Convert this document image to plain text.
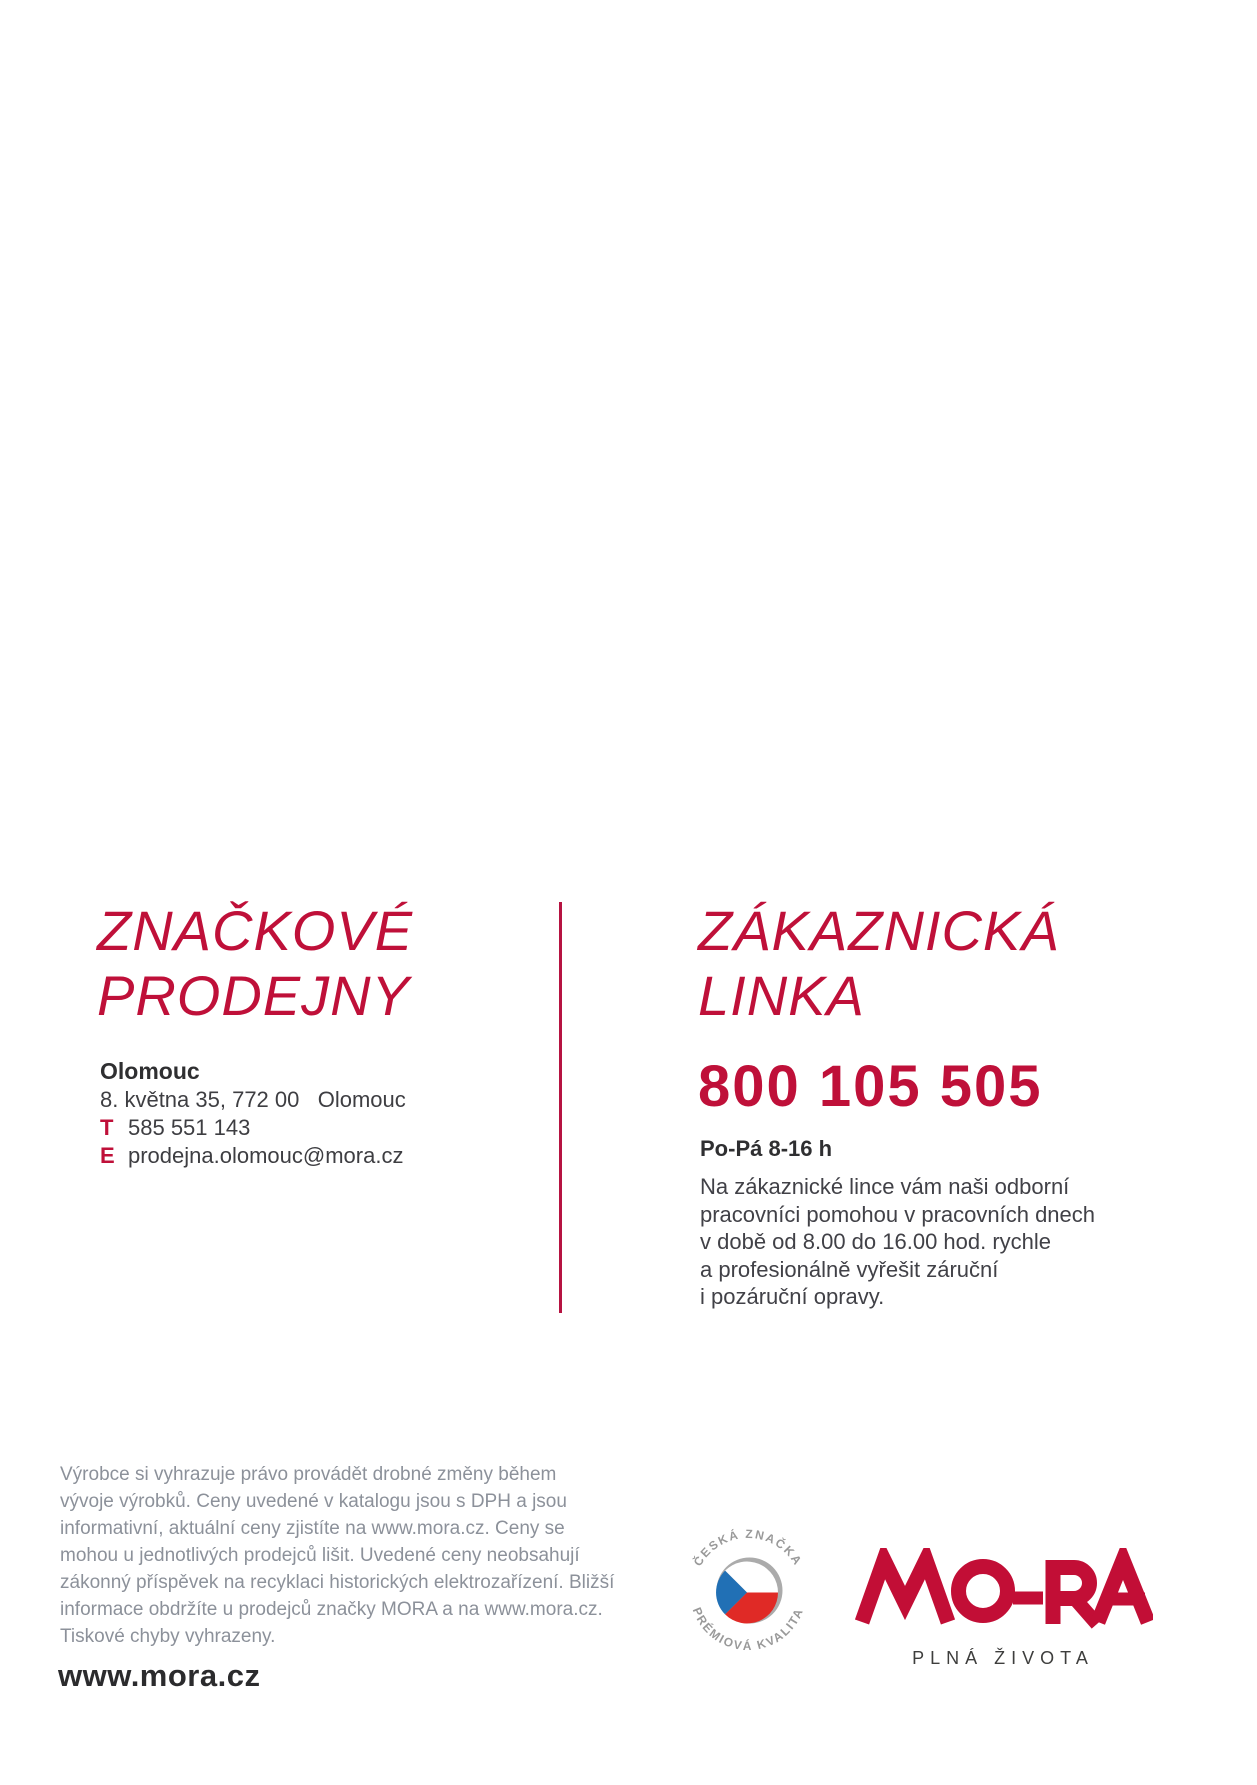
ZNAČKOVÉ
PRODEJNY
Olomouc
8. května 35, 772 00   Olomouc
T 585 551 143
E prodejna.olomouc@mora.cz
ZÁKAZNICKÁ
LINKA
800 105 505
Po-Pá 8-16 h
Na zákaznické lince vám naši odborní
pracovníci pomohou v pracovních dnech
v době od 8.00 do 16.00 hod. rychle
a profesionálně vyřešit záruční
i pozáruční opravy.
Výrobce si vyhrazuje právo provádět drobné změny během
vývoje výrobků. Ceny uvedené v katalogu jsou s DPH a jsou
informativní, aktuální ceny zjistíte na www.mora.cz. Ceny se
mohou u jednotlivých prodejců lišit. Uvedené ceny neobsahují
zákonný příspěvek na recyklaci historických elektrozařízení. Bližší
informace obdržíte u prodejců značky MORA a na www.mora.cz.
Tiskové chyby vyhrazeny.
www.mora.cz
ČESKÁ ZNAČKA
PRÉMIOVÁ KVALITA
PLNÁ ŽIVOTA
